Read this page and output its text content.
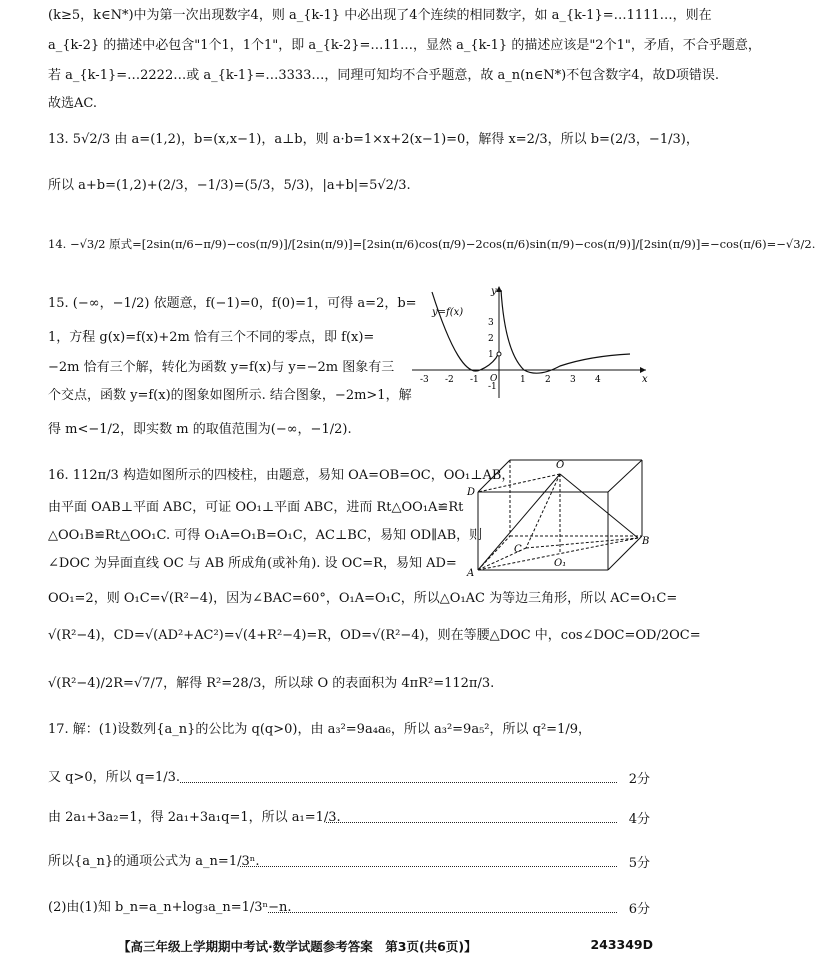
(k≥5，k∈N*)中为第一次出现数字4，则 a_{k-1} 中必出现了4个连续的相同数字，如 a_{k-1}=…1111…，则在
a_{k-2} 的描述中必包含"1个1，1个1"，即 a_{k-2}=…11…，显然 a_{k-1} 的描述应该是"2个1"，矛盾，不合乎题意，
若 a_{k-1}=…2222…或 a_{k-1}=…3333…，同理可知均不合乎题意，故 a_n(n∈N*)不包含数字4，故D项错误.
故选AC.
13. 5√2/3 由 a=(1,2)，b=(x,x−1)，a⊥b，则 a·b=1×x+2(x−1)=0，解得 x=2/3，所以 b=(2/3，−1/3)，
所以 a+b=(1,2)+(2/3，−1/3)=(5/3，5/3)，|a+b|=5√2/3.
14. −√3/2 原式=[2sin(π/6−π/9)−cos(π/9)]/[2sin(π/9)]=[2sin(π/6)cos(π/9)−2cos(π/6)sin(π/9)−cos(π/9)]/[2sin(π/9)]=−cos(π/6)=−√3/2.
15. (−∞，−1/2) 依题意，f(−1)=0，f(0)=1，可得 a=2，b=
1，方程 g(x)=f(x)+2m 恰有三个不同的零点，即 f(x)=
−2m 恰有三个解，转化为函数 y=f(x)与 y=−2m 图象有三
个交点，函数 y=f(x)的图象如图所示. 结合图象，−2m>1，解
得 m<−1/2，即实数 m 的取值范围为(−∞，−1/2).
y
x
O
y=f(x)
-3 -2 -1	1 2 3 4
3
2
1
-1
16. 112π/3 构造如图所示的四棱柱，由题意，易知 OA=OB=OC，OO₁⊥AB，
由平面 OAB⊥平面 ABC，可证 OO₁⊥平面 ABC，进而 Rt△OO₁A≌Rt
△OO₁B≌Rt△OO₁C. 可得 O₁A=O₁B=O₁C，AC⊥BC，易知 OD∥AB，则
∠DOC 为异面直线 OC 与 AB 所成角(或补角). 设 OC=R，易知 AD=
OO₁=2，则 O₁C=√(R²−4)，因为∠BAC=60°，O₁A=O₁C，所以△O₁AC 为等边三角形，所以 AC=O₁C=
√(R²−4)，CD=√(AD²+AC²)=√(4+R²−4)=R，OD=√(R²−4)，则在等腰△DOC 中，cos∠DOC=OD/2OC=
√(R²−4)/2R=√7/7，解得 R²=28/3，所以球 O 的表面积为 4πR²=112π/3.
O
D
C
B
A
O₁
17. 解：(1)设数列{a_n}的公比为 q(q>0)，由 a₃²=9a₄a₆，所以 a₃²=9a₅²，所以 q²=1/9，
又 q>0，所以 q=1/3.	2分
由 2a₁+3a₂=1，得 2a₁+3a₁q=1，所以 a₁=1/3.	4分
所以{a_n}的通项公式为 a_n=1/3ⁿ.	5分
(2)由(1)知 b_n=a_n+log₃a_n=1/3ⁿ−n.	6分
【高三年级上学期期中考试·数学试题参考答案　第3页(共6页)】	243349D
